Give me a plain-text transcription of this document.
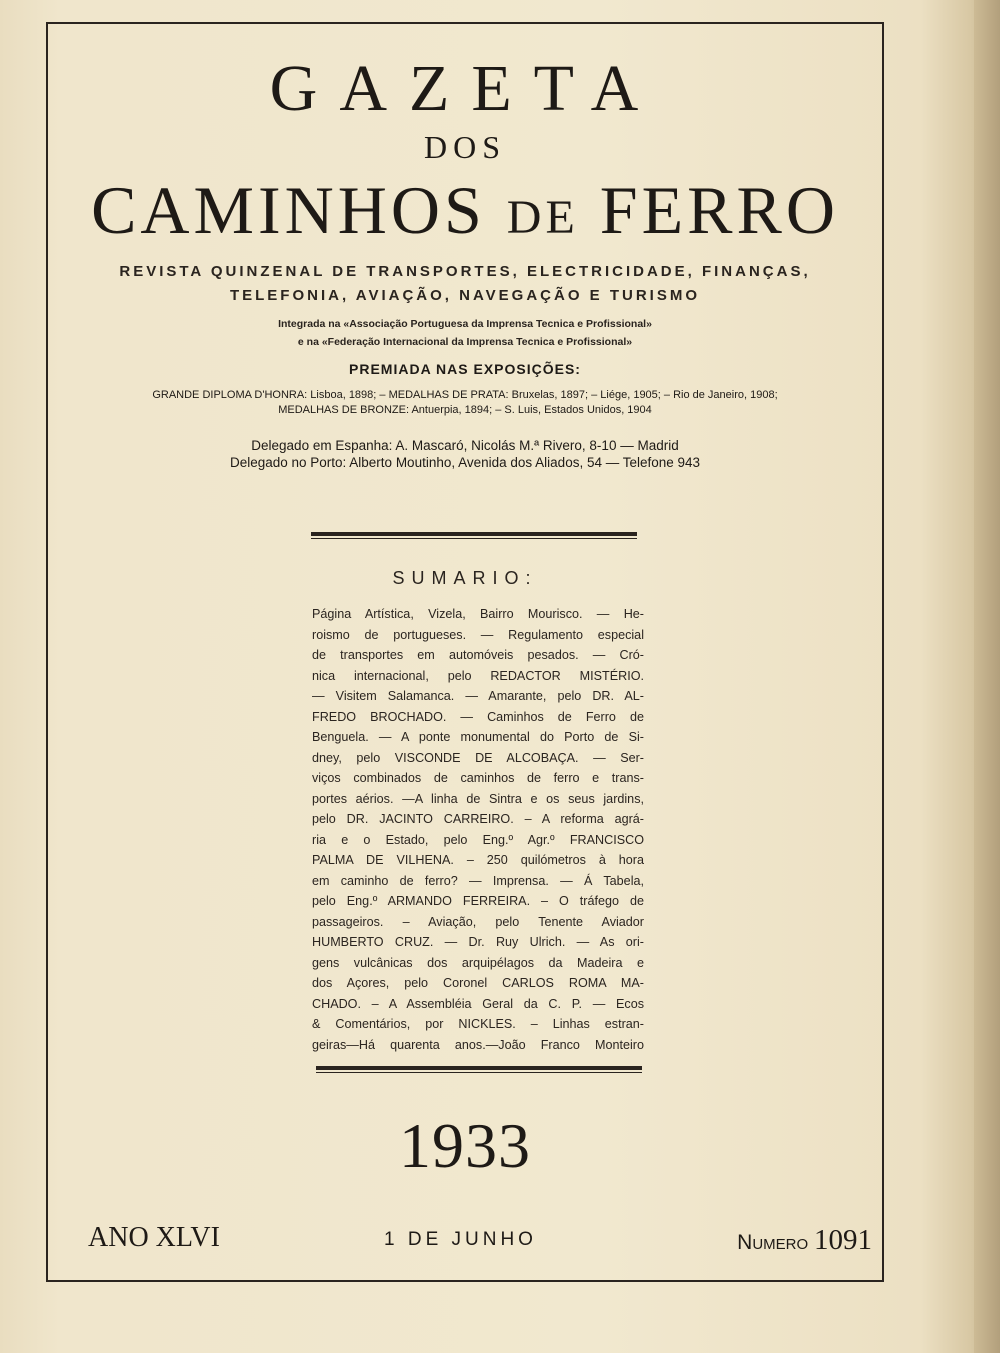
GAZETA
DOS
CAMINHOS de FERRO
REVISTA QUINZENAL DE TRANSPORTES, ELECTRICIDADE, FINANÇAS,
TELEFONIA, AVIAÇÃO, NAVEGAÇÃO E TURISMO
Integrada na «Associação Portuguesa da Imprensa Tecnica e Profissional»
e na «Federação Internacional da Imprensa Tecnica e Profissional»
PREMIADA NAS EXPOSIÇÕES:
GRANDE DIPLOMA D'HONRA: Lisboa, 1898; – MEDALHAS DE PRATA: Bruxelas, 1897; – Liége, 1905; – Rio de Janeiro, 1908;
MEDALHAS DE BRONZE: Antuerpia, 1894; – S. Luis, Estados Unidos, 1904
Delegado em Espanha: A. Mascaró, Nicolás M.ª Rivero, 8-10 — Madrid
Delegado no Porto: Alberto Moutinho, Avenida dos Aliados, 54 — Telefone 943
SUMARIO:
Página Artística, Vizela, Bairro Mourisco. — He-
roismo de portugueses. — Regulamento especial
de transportes em automóveis pesados. — Cró-
nica internacional, pelo REDACTOR MISTÉRIO.
— Visitem Salamanca. — Amarante, pelo DR. AL-
FREDO BROCHADO. — Caminhos de Ferro de
Benguela. — A ponte monumental do Porto de Si-
dney, pelo VISCONDE DE ALCOBAÇA. — Ser-
viços combinados de caminhos de ferro e trans-
portes aérios. —A linha de Sintra e os seus jardins,
pelo DR. JACINTO CARREIRO. – A reforma agrá-
ria e o Estado, pelo Eng.º Agr.º FRANCISCO
PALMA DE VILHENA. – 250 quilómetros à hora
em caminho de ferro? — Imprensa. — Á Tabela,
pelo Eng.º ARMANDO FERREIRA. – O tráfego de
passageiros. – Aviação, pelo Tenente Aviador
HUMBERTO CRUZ. — Dr. Ruy Ulrich. — As ori-
gens vulcânicas dos arquipélagos da Madeira e
dos Açores, pelo Coronel CARLOS ROMA MA-
CHADO. – A Assembléia Geral da C. P. — Ecos
& Comentários, por NICKLES. – Linhas estran-
geiras—Há quarenta anos.—João Franco Monteiro
1933
ANO XLVI	1 DE JUNHO	Numero 1091
